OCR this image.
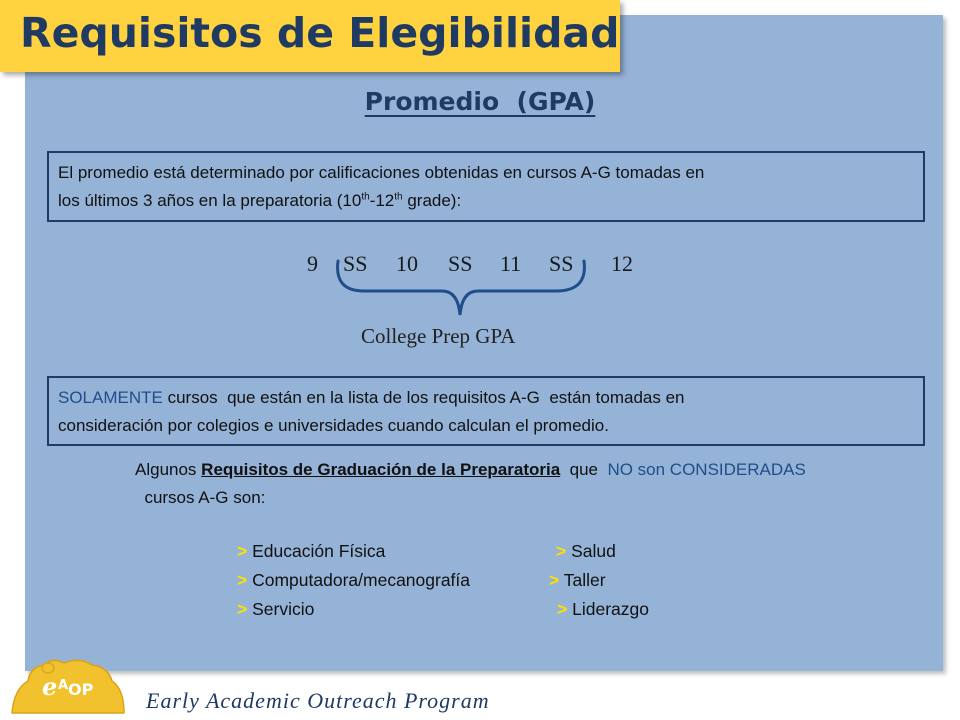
Requisitos de Elegibilidad
Promedio  (GPA)
El promedio está determinado por calificaciones obtenidas en cursos A-G tomadas en
los últimos 3 años en la preparatoria (10th-12th grade):
9 SS 10 SS 11 SS 12
College Prep GPA
SOLAMENTE cursos  que están en la lista de los requisitos A-G  están tomadas en
consideración por colegios e universidades cuando calculan el promedio.
Algunos Requisitos de Graduación de la Preparatoria  que  NO son CONSIDERADAS  cursos A-G son:
> Educación Física
> Computadora/mecanografía
> Servicio
> Salud
> Taller
> Liderazgo
e A OP Early Academic Outreach Program
